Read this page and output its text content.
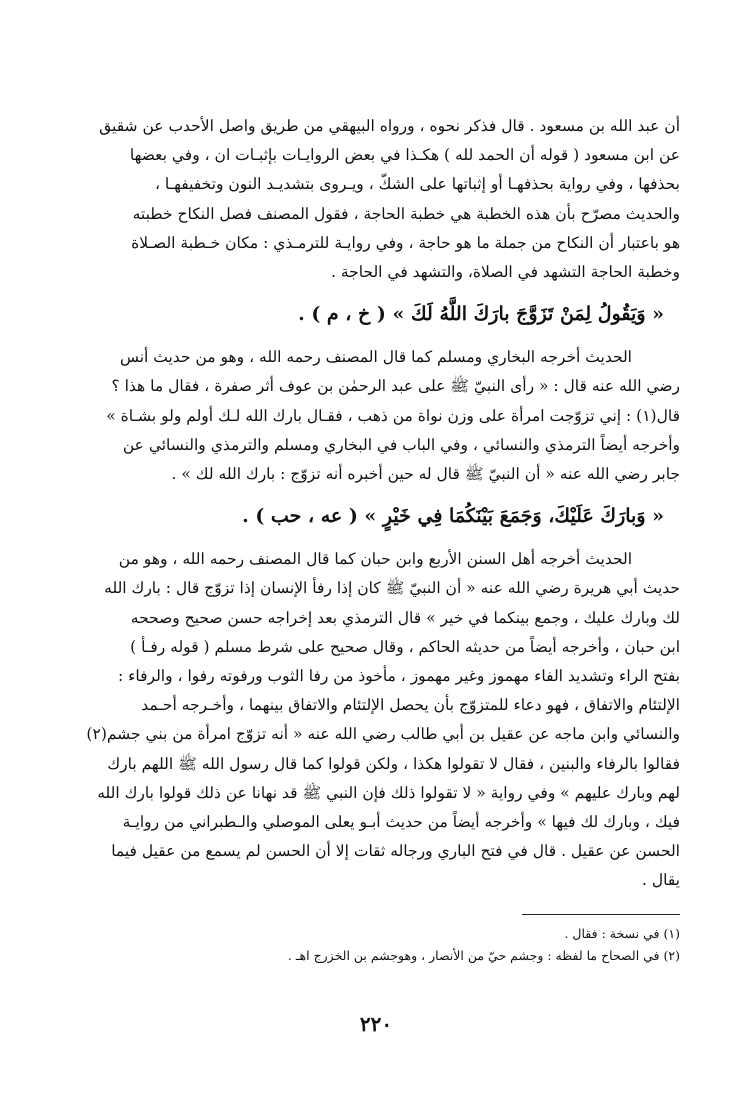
أن عبد الله بن مسعود . قال فذكر نحوه ، ورواه البيهقي من طريق واصل الأحدب عن شقيق
عن ابن مسعود ( قوله أن الحمد لله ) هكـذا في بعض الروايـات بإثبـات ان ، وفي بعضها
بحذفها ، وفي رواية بحذفهـا أو إثباتها على الشكّ ، ويـروى بتشديـد النون وتخفيفهـا ،
والحديث مصرّح بأن هذه الخطبة هي خطبة الحاجة ، فقول المصنف فصل النكاح خطبته
هو باعتبار أن النكاح من جملة ما هو حاجة ، وفي روايـة للترمـذي : مكان خـطبة الصـلاة
وخطبة الحاجة التشهد في الصلاة، والتشهد في الحاجة .
« وَيَقُولُ لِمَنْ تَزَوَّجَ بارَكَ اللَّهُ لَكَ » ( خ ، م ) .
الحديث أخرجه البخاري ومسلم كما قال المصنف رحمه الله ، وهو من حديث أنس
رضي الله عنه قال : « رأى النبيّ ﷺ على عبد الرحمٰن بن عوف أثر صفرة ، فقال ما هذا ؟
قال(١) : إني تزوّجت امرأة على وزن نواة من ذهب ، فقـال بارك الله لـك أولم ولو بشـاة »
وأخرجه أيضاً الترمذي والنسائي ، وفي الباب في البخاري ومسلم والترمذي والنسائي عن
جابر رضي الله عنه « أن النبيّ ﷺ قال له حين أخبره أنه تزوّج : بارك الله لك » .
« وَبارَكَ عَلَيْكَ، وَجَمَعَ بَيْنَكُمَا فِي خَيْرٍ » ( عه ، حب ) .
الحديث أخرجه أهل السنن الأربع وابن حبان كما قال المصنف رحمه الله ، وهو من
حديث أبي هريرة رضي الله عنه « أن النبيّ ﷺ كان إذا رفأ الإنسان إذا تزوّج قال : بارك الله
لك وبارك عليك ، وجمع بينكما في خير » قال الترمذي بعد إخراجه حسن صحيح وصححه
ابن حبان ، وأخرجه أيضاً من حديثه الحاكم ، وقال صحيح على شرط مسلم ( قوله رفـأ )
بفتح الراء وتشديد الفاء مهموز وغير مهموز ، مأخوذ من رفا الثوب ورفوته رفوا ، والرفاء :
الإلتئام والاتفاق ، فهو دعاء للمتزوّج بأن يحصل الإلتئام والاتفاق بينهما ، وأخـرجه أحـمد
والنسائي وابن ماجه عن عقيل بن أبي طالب رضي الله عنه « أنه تزوّج امرأة من بني جشم(٢)
فقالوا بالرفاء والبنين ، فقال لا تقولوا هكذا ، ولكن قولوا كما قال رسول الله ﷺ اللهم بارك
لهم وبارك عليهم » وفي رواية « لا تقولوا ذلك فإن النبي ﷺ قد نهانا عن ذلك قولوا بارك الله
فيك ، وبارك لك فيها » وأخرجه أيضاً من حديث أبـو يعلى الموصلي والـطبراني من روايـة
الحسن عن عقيل . قال في فتح الباري ورجاله ثقات إلا أن الحسن لم يسمع من عقيل فيما
يقال .
(١) في نسخة : فقال .
(٢) في الصحاح ما لفظه : وجشم حيّ من الأنصار ، وهوجشم بن الخزرج اهـ .
٢٢٠
